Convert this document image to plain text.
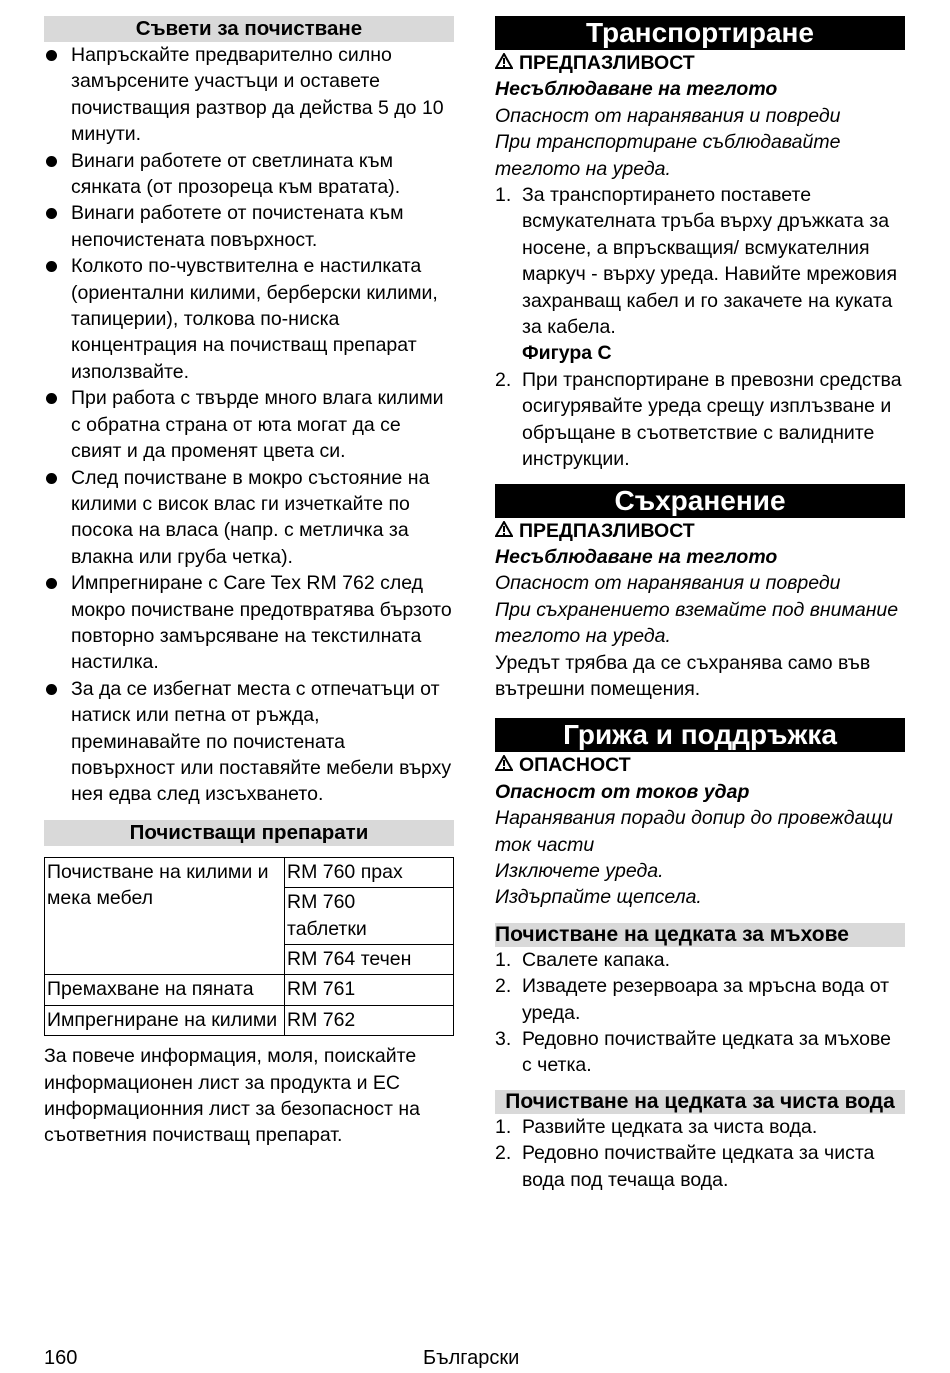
Съвети за почистване
Напръскайте предварително силно замърсените участъци и оставете почистващия разтвор да действа 5 до 10 минути.
Винаги работете от светлината към сянката (от прозореца към вратата).
Винаги работете от почистената към непочистената повърхност.
Колкото по-чувствителна е настилката (ориентални килими, берберски килими, тапицерии), толкова по-ниска концентрация на почистващ препарат използвайте.
При работа с твърде много влага килими с обратна страна от юта могат да се свият и да променят цвета си.
След почистване в мокро състояние на килими с висок влас ги изчеткайте по посока на власа (напр. с метличка за влакна или груба четка).
Импрегниране с Care Tex RM 762 след мокро почистване предотвратява бързото повторно замърсяване на текстилната настилка.
За да се избегнат места с отпечатъци от натиск или петна от ръжда, преминавайте по почистената повърхност или поставяйте мебели върху нея едва след изсъхването.
Почистващи препарати
Почистване на килими и мека мебел	RM 760 прах
	RM 760 таблетки
	RM 764 течен
Премахване на пяната	RM 761
Импрегниране на килими	RM 762
За повече информация, моля, поискайте информационен лист за продукта и ЕС информационния лист за безопасност на съответния почистващ препарат.
Транспортиране
ПРЕДПАЗЛИВОСТ
Несъблюдаване на теглото
Опасност от наранявания и повреди
При транспортиране съблюдавайте теглото на уреда.
1. За транспортирането поставете всмукателната тръба върху дръжката за носене, а впръскващия/ всмукателния маркуч - върху уреда. Навийте мрежовия захранващ кабел и го закачете на куката за кабела.
Фигура C
2. При транспортиране в превозни средства осигурявайте уреда срещу изплъзване и обръщане в съответствие с валидните инструкции.
Съхранение
ПРЕДПАЗЛИВОСТ
Несъблюдаване на теглото
Опасност от наранявания и повреди
При съхранението вземайте под внимание теглото на уреда.
Уредът трябва да се съхранява само във вътрешни помещения.
Грижа и поддръжка
ОПАСНОСТ
Опасност от токов удар
Наранявания поради допир до провеждащи ток части
Изключете уреда.
Издърпайте щепсела.
Почистване на цедката за мъхове
1. Свалете капака.
2. Извадете резервоара за мръсна вода от уреда.
3. Редовно почиствайте цедката за мъхове с четка.
Почистване на цедката за чиста вода
1. Развийте цедката за чиста вода.
2. Редовно почиствайте цедката за чиста вода под течаща вода.
160	Български
